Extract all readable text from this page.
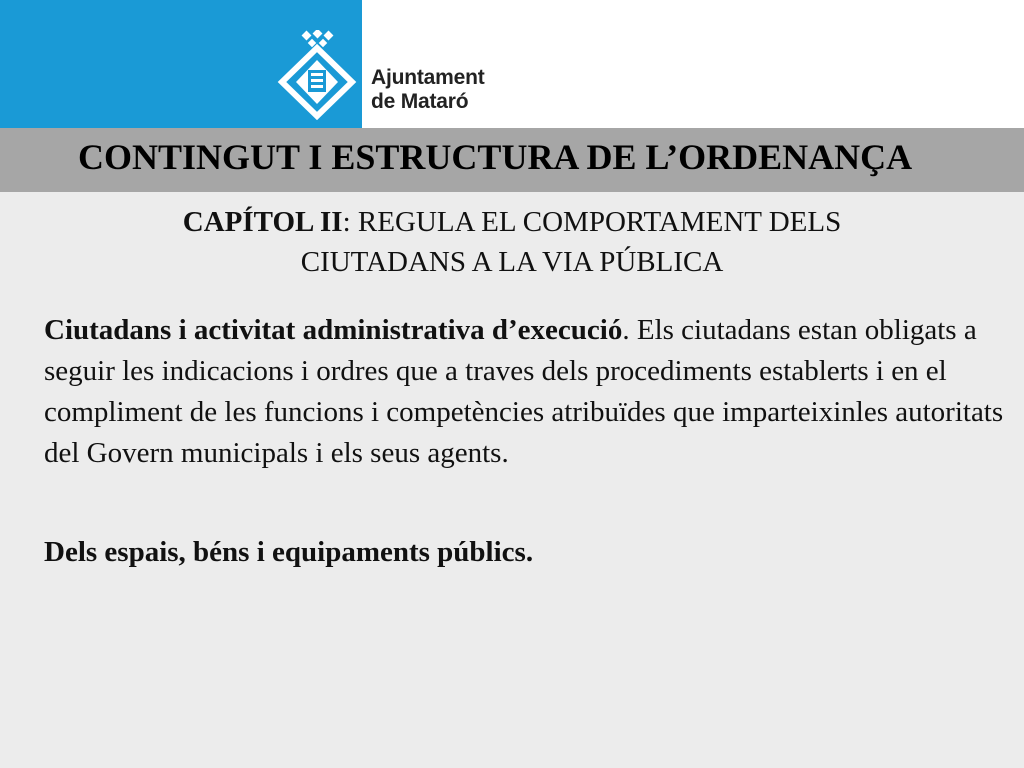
Ajuntament
de Mataró
CONTINGUT I ESTRUCTURA DE L’ORDENANÇA
CAPÍTOL II: REGULA EL COMPORTAMENT DELS
CIUTADANS A LA VIA PÚBLICA
Ciutadans i activitat administrativa d’execució. Els ciutadans estan obligats a seguir les indicacions i ordres que a traves dels procediments establerts i en el compliment de les funcions i competències atribuïdes que imparteixinles autoritats del Govern municipals i els seus agents.
Dels espais, béns i equipaments públics.
